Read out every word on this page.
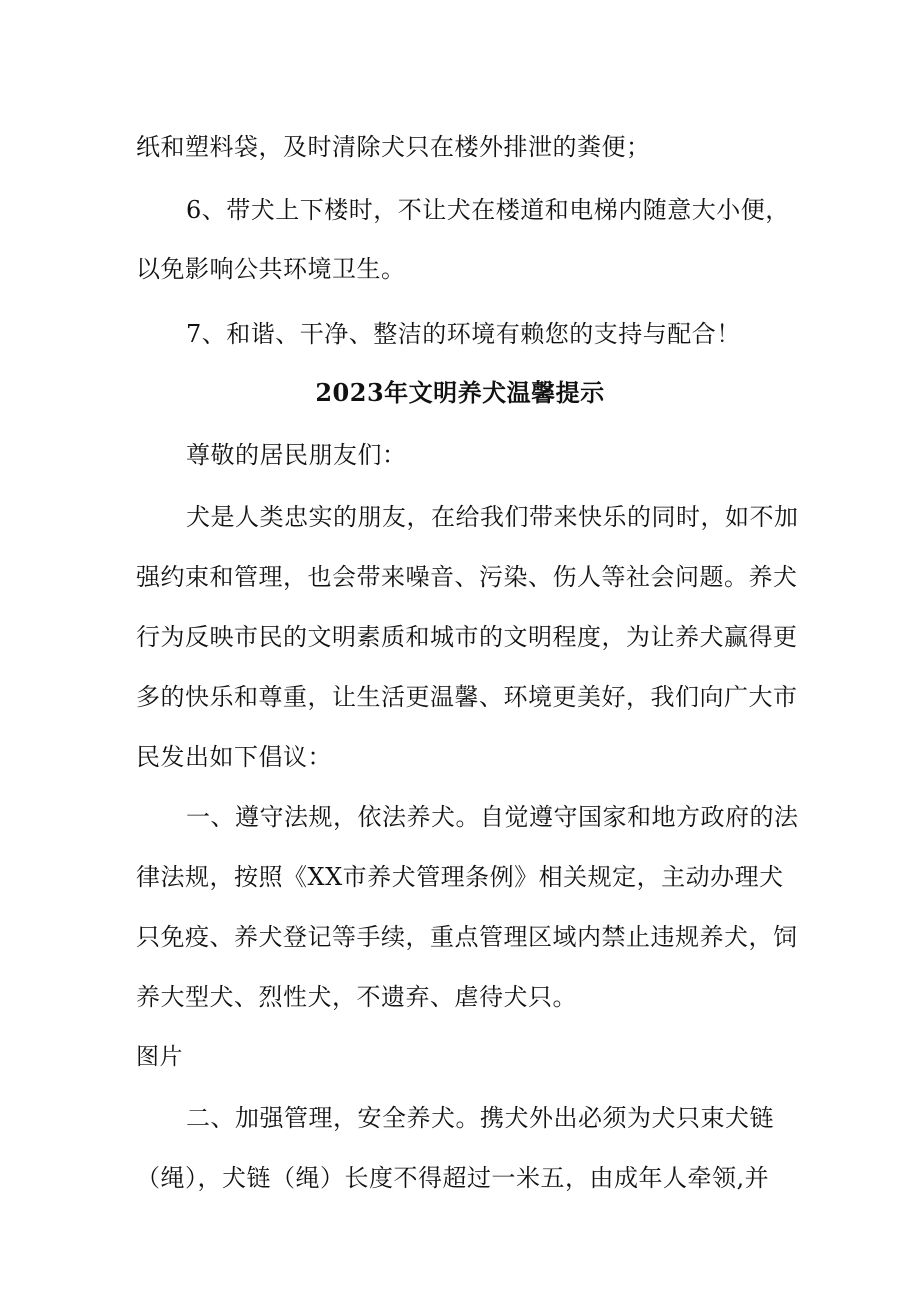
纸和塑料袋，及时清除犬只在楼外排泄的粪便；
6、带犬上下楼时，不让犬在楼道和电梯内随意大小便，
以免影响公共环境卫生。
7、和谐、干净、整洁的环境有赖您的支持与配合！
2023年文明养犬温馨提示
尊敬的居民朋友们：
犬是人类忠实的朋友，在给我们带来快乐的同时，如不加
强约束和管理，也会带来噪音、污染、伤人等社会问题。养犬
行为反映市民的文明素质和城市的文明程度，为让养犬赢得更
多的快乐和尊重，让生活更温馨、环境更美好，我们向广大市
民发出如下倡议：
一、遵守法规，依法养犬。自觉遵守国家和地方政府的法
律法规，按照《XX市养犬管理条例》相关规定，主动办理犬
只免疫、养犬登记等手续，重点管理区域内禁止违规养犬，饲
养大型犬、烈性犬，不遗弃、虐待犬只。
图片
二、加强管理，安全养犬。携犬外出必须为犬只束犬链
（绳），犬链（绳）长度不得超过一米五，由成年人牵领,并
